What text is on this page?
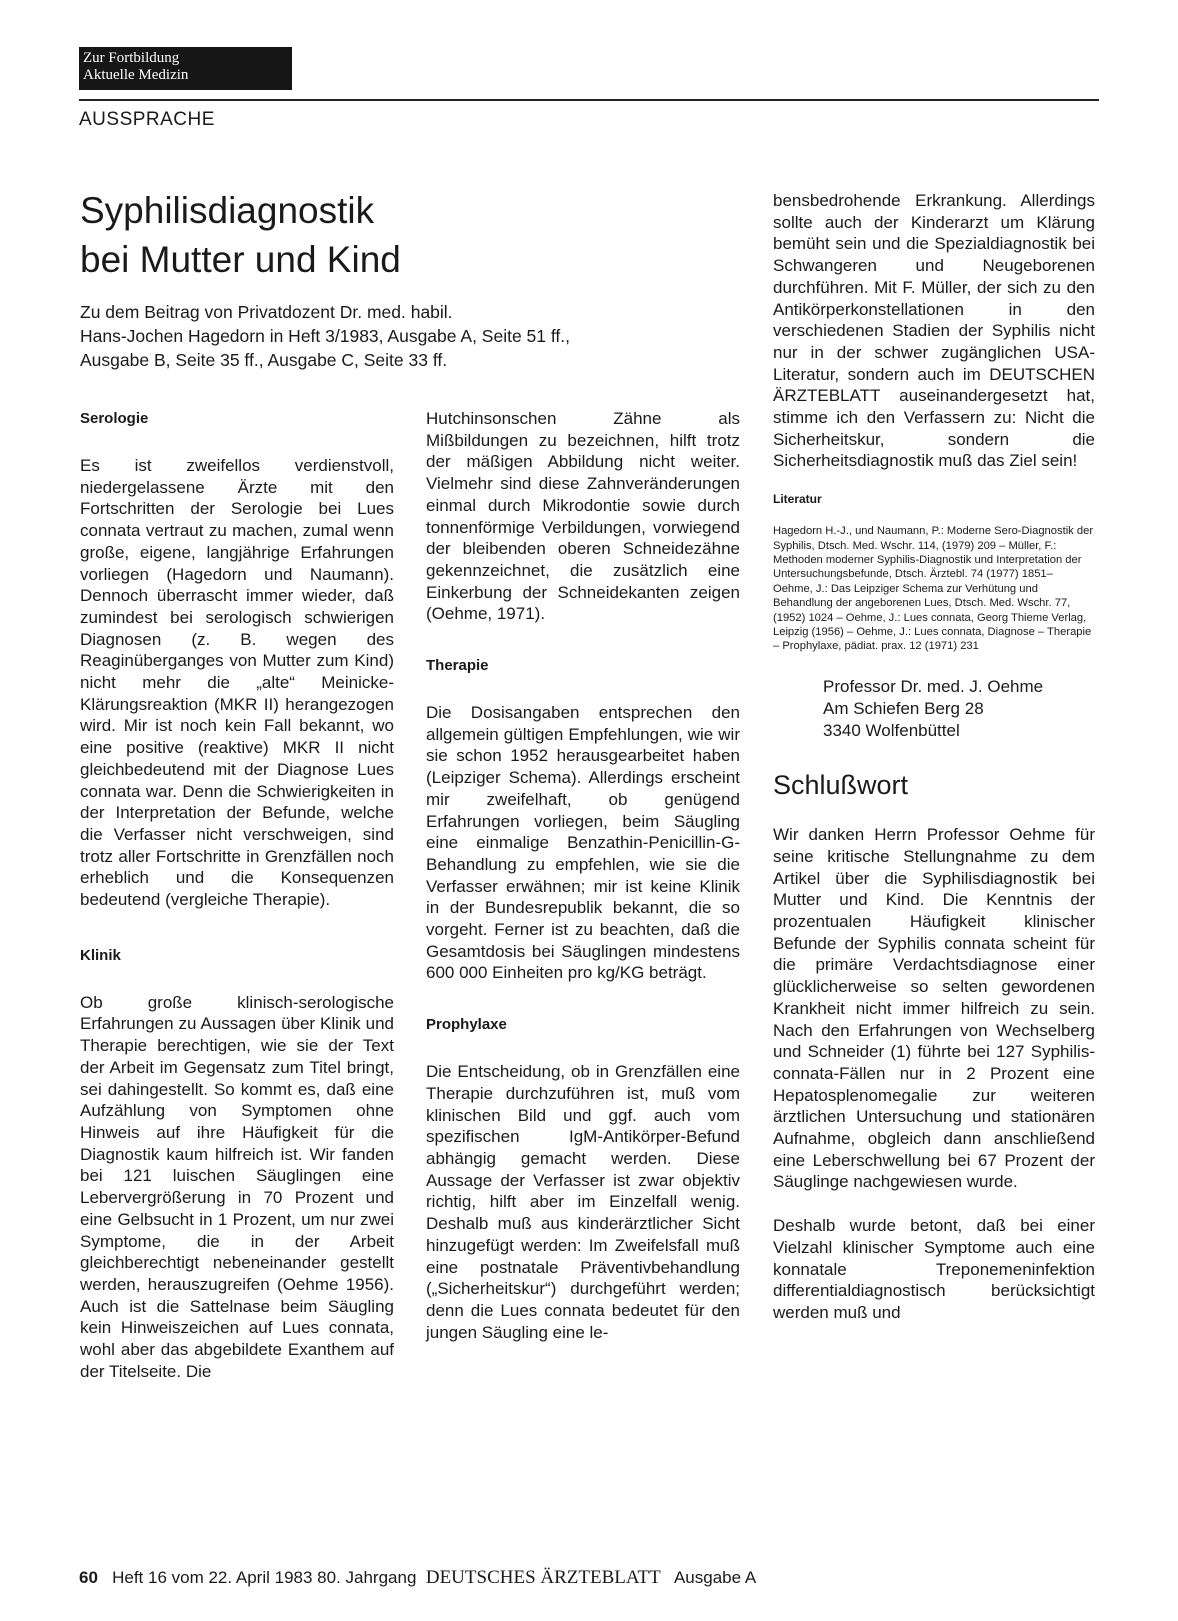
Zur Fortbildung
Aktuelle Medizin
AUSSPRACHE
Syphilisdiagnostik
bei Mutter und Kind

Zu dem Beitrag von Privatdozent Dr. med. habil.
Hans-Jochen Hagedorn in Heft 3/1983, Ausgabe A, Seite 51 ff.,
Ausgabe B, Seite 35 ff., Ausgabe C, Seite 33 ff.

Serologie

Es ist zweifellos verdienstvoll, niedergelassene Ärzte mit den Fortschritten der Serologie bei Lues connata vertraut zu machen, zumal wenn große, eigene, langjährige Erfahrungen vorliegen (Hagedorn und Naumann). Dennoch überrascht immer wieder, daß zumindest bei serologisch schwierigen Diagnosen (z. B. wegen des Reaginüberganges von Mutter zum Kind) nicht mehr die „alte“ Meinicke-Klärungsreaktion (MKR II) herangezogen wird. Mir ist noch kein Fall bekannt, wo eine positive (reaktive) MKR II nicht gleichbedeutend mit der Diagnose Lues connata war. Denn die Schwierigkeiten in der Interpretation der Befunde, welche die Verfasser nicht verschweigen, sind trotz aller Fortschritte in Grenzfällen noch erheblich und die Konsequenzen bedeutend (vergleiche Therapie).

Klinik

Ob große klinisch-serologische Erfahrungen zu Aussagen über Klinik und Therapie berechtigen, wie sie der Text der Arbeit im Gegensatz zum Titel bringt, sei dahingestellt. So kommt es, daß eine Aufzählung von Symptomen ohne Hinweis auf ihre Häufigkeit für die Diagnostik kaum hilfreich ist. Wir fanden bei 121 luischen Säuglingen eine Lebervergrößerung in 70 Prozent und eine Gelbsucht in 1 Prozent, um nur zwei Symptome, die in der Arbeit gleichberechtigt nebeneinander gestellt werden, herauszugreifen (Oehme 1956). Auch ist die Sattelnase beim Säugling kein Hinweiszeichen auf Lues connata, wohl aber das abgebildete Exanthem auf der Titelseite. Die

Hutchinsonschen Zähne als Mißbildungen zu bezeichnen, hilft trotz der mäßigen Abbildung nicht weiter. Vielmehr sind diese Zahnveränderungen einmal durch Mikrodontie sowie durch tonnenförmige Verbildungen, vorwiegend der bleibenden oberen Schneidezähne gekennzeichnet, die zusätzlich eine Einkerbung der Schneidekanten zeigen (Oehme, 1971).

Therapie

Die Dosisangaben entsprechen den allgemein gültigen Empfehlungen, wie wir sie schon 1952 herausgearbeitet haben (Leipziger Schema). Allerdings erscheint mir zweifelhaft, ob genügend Erfahrungen vorliegen, beim Säugling eine einmalige Benzathin-Penicillin-G-Behandlung zu empfehlen, wie sie die Verfasser erwähnen; mir ist keine Klinik in der Bundesrepublik bekannt, die so vorgeht. Ferner ist zu beachten, daß die Gesamtdosis bei Säuglingen mindestens 600 000 Einheiten pro kg/KG beträgt.

Prophylaxe

Die Entscheidung, ob in Grenzfällen eine Therapie durchzuführen ist, muß vom klinischen Bild und ggf. auch vom spezifischen IgM-Antikörper-Befund abhängig gemacht werden. Diese Aussage der Verfasser ist zwar objektiv richtig, hilft aber im Einzelfall wenig. Deshalb muß aus kinderärztlicher Sicht hinzugefügt werden: Im Zweifelsfall muß eine postnatale Präventivbehandlung („Sicherheitskur“) durchgeführt werden; denn die Lues connata bedeutet für den jungen Säugling eine le-

bensbedrohende Erkrankung. Allerdings sollte auch der Kinderarzt um Klärung bemüht sein und die Spezialdiagnostik bei Schwangeren und Neugeborenen durchführen. Mit F. Müller, der sich zu den Antikörperkonstellationen in den verschiedenen Stadien der Syphilis nicht nur in der schwer zugänglichen USA-Literatur, sondern auch im DEUTSCHEN ÄRZTEBLATT auseinandergesetzt hat, stimme ich den Verfassern zu: Nicht die Sicherheitskur, sondern die Sicherheitsdiagnostik muß das Ziel sein!

Literatur

Hagedorn H.-J., und Naumann, P.: Moderne Sero-Diagnostik der Syphilis, Dtsch. Med. Wschr. 114, (1979) 209 – Müller, F.: Methoden moderner Syphilis-Diagnostik und Interpretation der Untersuchungsbefunde, Dtsch. Ärztebl. 74 (1977) 1851– Oehme, J.: Das Leipziger Schema zur Verhütung und Behandlung der angeborenen Lues, Dtsch. Med. Wschr. 77, (1952) 1024 – Oehme, J.: Lues connata, Georg Thieme Verlag, Leipzig (1956) – Oehme, J.: Lues connata, Diagnose – Therapie – Prophylaxe, pädiat. prax. 12 (1971) 231

Professor Dr. med. J. Oehme
Am Schiefen Berg 28
3340 Wolfenbüttel
Schlußwort

Wir danken Herrn Professor Oehme für seine kritische Stellungnahme zu dem Artikel über die Syphilisdiagnostik bei Mutter und Kind. Die Kenntnis der prozentualen Häufigkeit klinischer Befunde der Syphilis connata scheint für die primäre Verdachtsdiagnose einer glücklicherweise so selten gewordenen Krankheit nicht immer hilfreich zu sein. Nach den Erfahrungen von Wechselberg und Schneider (1) führte bei 127 Syphilis-connata-Fällen nur in 2 Prozent eine Hepatosplenomegalie zur weiteren ärztlichen Untersuchung und stationären Aufnahme, obgleich dann anschließend eine Leberschwellung bei 67 Prozent der Säuglinge nachgewiesen wurde.

Deshalb wurde betont, daß bei einer Vielzahl klinischer Symptome auch eine konnatale Treponemeninfektion differentialdiagnostisch berücksichtigt werden muß und

60 Heft 16 vom 22. April 1983 80. Jahrgang DEUTSCHES ÄRZTEBLATT Ausgabe A
